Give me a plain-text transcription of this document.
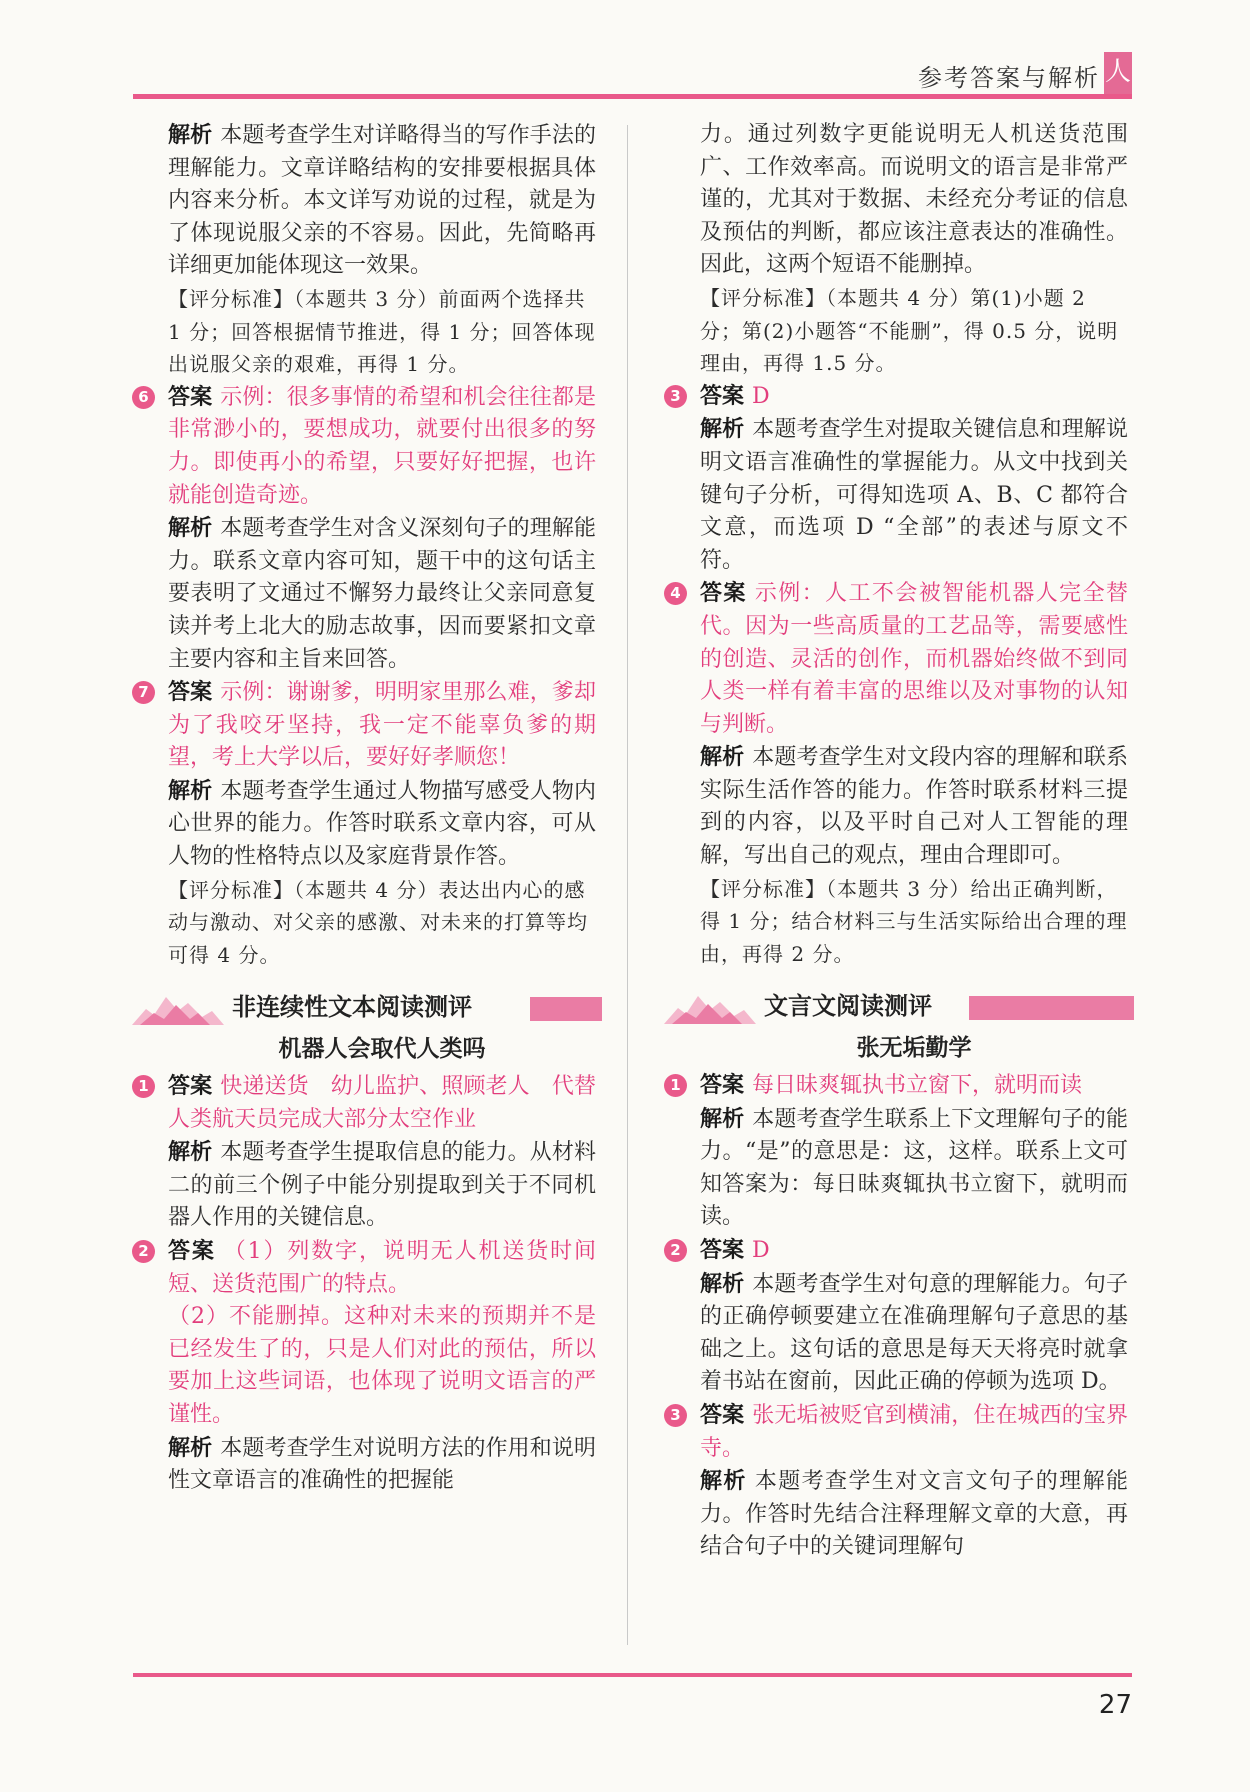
参考答案与解析 人

解析 本题考查学生对详略得当的写作手法的理解能力。文章详略结构的安排要根据具体内容来分析。本文详写劝说的过程，就是为了体现说服父亲的不容易。因此，先简略再详细更加能体现这一效果。

【评分标准】（本题共 3 分）前面两个选择共 1 分；回答根据情节推进，得 1 分；回答体现出说服父亲的艰难，再得 1 分。

6 答案 示例：很多事情的希望和机会往往都是非常渺小的，要想成功，就要付出很多的努力。即使再小的希望，只要好好把握，也许就能创造奇迹。

解析 本题考查学生对含义深刻句子的理解能力。联系文章内容可知，题干中的这句话主要表明了文通过不懈努力最终让父亲同意复读并考上北大的励志故事，因而要紧扣文章主要内容和主旨来回答。

7 答案 示例：谢谢爹，明明家里那么难，爹却为了我咬牙坚持，我一定不能辜负爹的期望，考上大学以后，要好好孝顺您！

解析 本题考查学生通过人物描写感受人物内心世界的能力。作答时联系文章内容，可从人物的性格特点以及家庭背景作答。

【评分标准】（本题共 4 分）表达出内心的感动与激动、对父亲的感激、对未来的打算等均可得 4 分。

非连续性文本阅读测评
机器人会取代人类吗

1 答案 快递送货　幼儿监护、照顾老人　代替人类航天员完成大部分太空作业

解析 本题考查学生提取信息的能力。从材料二的前三个例子中能分别提取到关于不同机器人作用的关键信息。

2 答案 （1）列数字，说明无人机送货时间短、送货范围广的特点。

（2）不能删掉。这种对未来的预期并不是已经发生了的，只是人们对此的预估，所以要加上这些词语，也体现了说明文语言的严谨性。

解析 本题考查学生对说明方法的作用和说明性文章语言的准确性的把握能

力。通过列数字更能说明无人机送货范围广、工作效率高。而说明文的语言是非常严谨的，尤其对于数据、未经充分考证的信息及预估的判断，都应该注意表达的准确性。因此，这两个短语不能删掉。

【评分标准】（本题共 4 分）第(1)小题 2 分；第(2)小题答“不能删”，得 0.5 分，说明理由，再得 1.5 分。

3 答案 D

解析 本题考查学生对提取关键信息和理解说明文语言准确性的掌握能力。从文中找到关键句子分析，可得知选项 A、B、C 都符合文意，而选项 D “全部”的表述与原文不符。

4 答案 示例：人工不会被智能机器人完全替代。因为一些高质量的工艺品等，需要感性的创造、灵活的创作，而机器始终做不到同人类一样有着丰富的思维以及对事物的认知与判断。

解析 本题考查学生对文段内容的理解和联系实际生活作答的能力。作答时联系材料三提到的内容，以及平时自己对人工智能的理解，写出自己的观点，理由合理即可。

【评分标准】（本题共 3 分）给出正确判断，得 1 分；结合材料三与生活实际给出合理的理由，再得 2 分。

文言文阅读测评
张无垢勤学

1 答案 每日昧爽辄执书立窗下，就明而读

解析 本题考查学生联系上下文理解句子的能力。“是”的意思是：这，这样。联系上文可知答案为：每日昧爽辄执书立窗下，就明而读。

2 答案 D

解析 本题考查学生对句意的理解能力。句子的正确停顿要建立在准确理解句子意思的基础之上。这句话的意思是每天天将亮时就拿着书站在窗前，因此正确的停顿为选项 D。

3 答案 张无垢被贬官到横浦，住在城西的宝界寺。

解析 本题考查学生对文言文句子的理解能力。作答时先结合注释理解文章的大意，再结合句子中的关键词理解句

27
